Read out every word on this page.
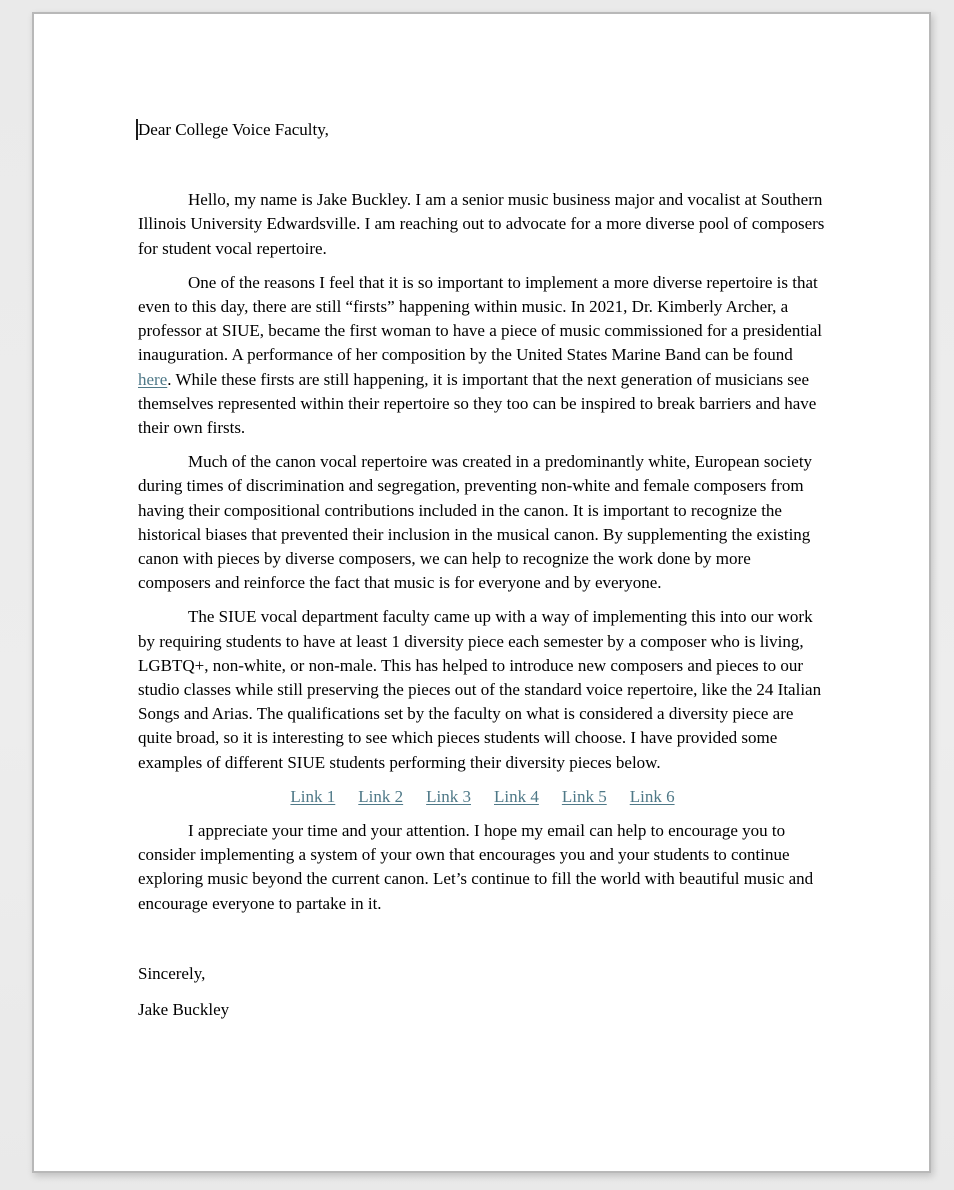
Dear College Voice Faculty,

Hello, my name is Jake Buckley. I am a senior music business major and vocalist at Southern Illinois University Edwardsville. I am reaching out to advocate for a more diverse pool of composers for student vocal repertoire.

One of the reasons I feel that it is so important to implement a more diverse repertoire is that even to this day, there are still “firsts” happening within music. In 2021, Dr. Kimberly Archer, a professor at SIUE, became the first woman to have a piece of music commissioned for a presidential inauguration. A performance of her composition by the United States Marine Band can be found here. While these firsts are still happening, it is important that the next generation of musicians see themselves represented within their repertoire so they too can be inspired to break barriers and have their own firsts.

Much of the canon vocal repertoire was created in a predominantly white, European society during times of discrimination and segregation, preventing non-white and female composers from having their compositional contributions included in the canon. It is important to recognize the historical biases that prevented their inclusion in the musical canon. By supplementing the existing canon with pieces by diverse composers, we can help to recognize the work done by more composers and reinforce the fact that music is for everyone and by everyone.

The SIUE vocal department faculty came up with a way of implementing this into our work by requiring students to have at least 1 diversity piece each semester by a composer who is living, LGBTQ+, non-white, or non-male. This has helped to introduce new composers and pieces to our studio classes while still preserving the pieces out of the standard voice repertoire, like the 24 Italian Songs and Arias. The qualifications set by the faculty on what is considered a diversity piece are quite broad, so it is interesting to see which pieces students will choose. I have provided some examples of different SIUE students performing their diversity pieces below.

Link 1 Link 2 Link 3 Link 4 Link 5 Link 6

I appreciate your time and your attention. I hope my email can help to encourage you to consider implementing a system of your own that encourages you and your students to continue exploring music beyond the current canon. Let’s continue to fill the world with beautiful music and encourage everyone to partake in it.

Sincerely,

Jake Buckley
